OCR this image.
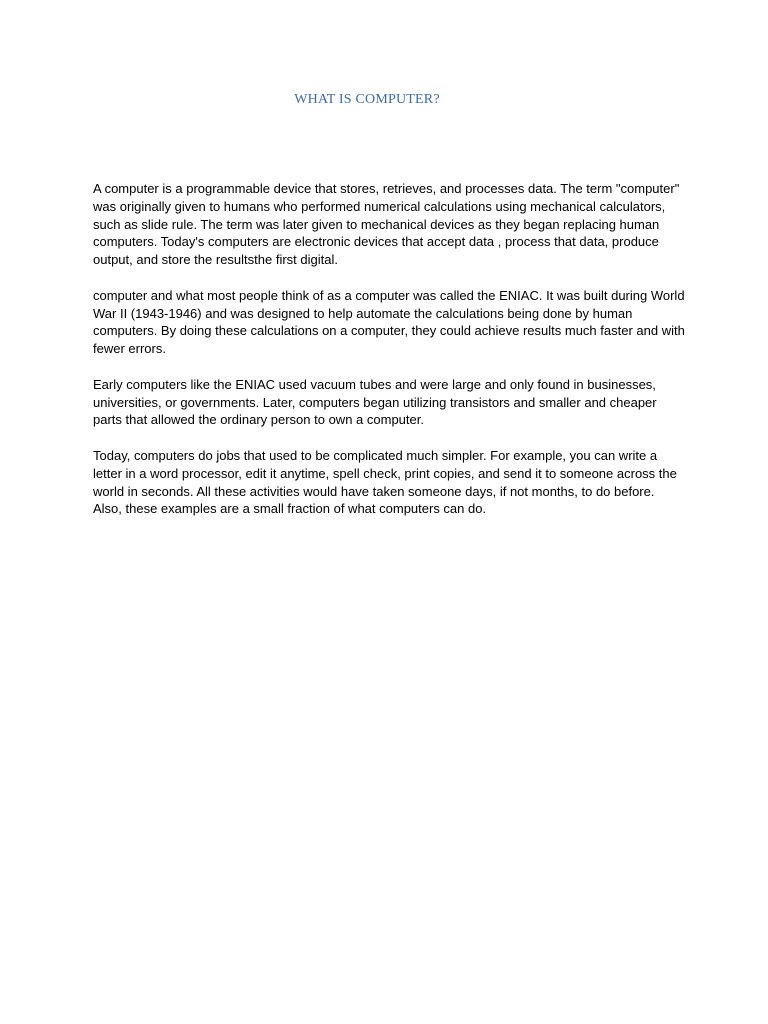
WHAT IS COMPUTER?

A computer is a programmable device that stores, retrieves, and processes data. The term "computer" was originally given to humans who performed numerical calculations using mechanical calculators, such as slide rule. The term was later given to mechanical devices as they began replacing human computers. Today's computers are electronic devices that accept data , process that data, produce output, and store the resultsthe first digital.

computer and what most people think of as a computer was called the ENIAC. It was built during World War II (1943-1946) and was designed to help automate the calculations being done by human computers. By doing these calculations on a computer, they could achieve results much faster and with fewer errors.

Early computers like the ENIAC used vacuum tubes and were large and only found in businesses, universities, or governments. Later, computers began utilizing transistors and smaller and cheaper parts that allowed the ordinary person to own a computer.

Today, computers do jobs that used to be complicated much simpler. For example, you can write a letter in a word processor, edit it anytime, spell check, print copies, and send it to someone across the world in seconds. All these activities would have taken someone days, if not months, to do before. Also, these examples are a small fraction of what computers can do.
